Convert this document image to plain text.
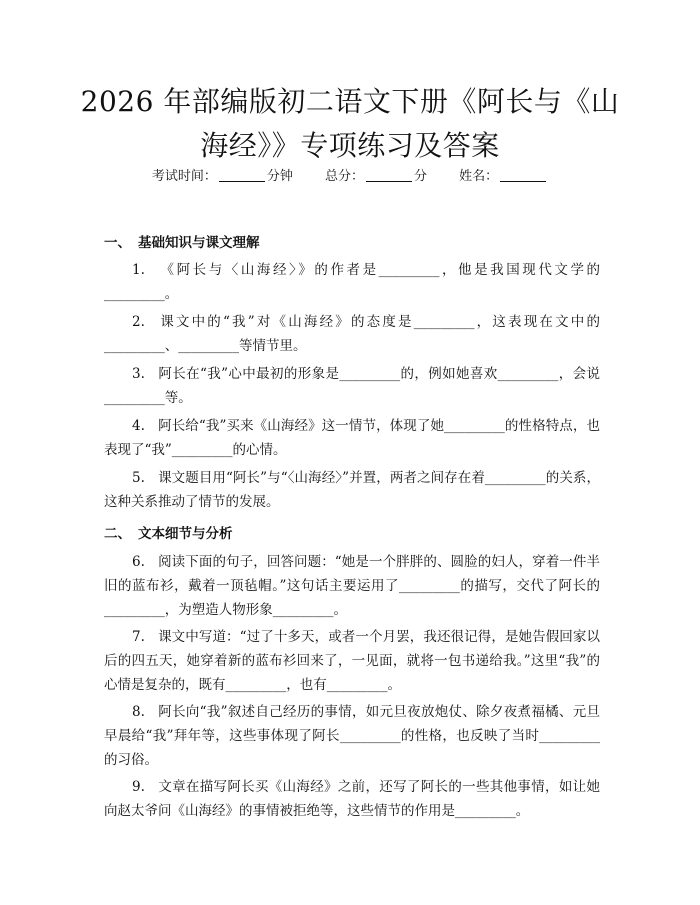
2026 年部编版初二语文下册《阿长与《山海经》》专项练习及答案
考试时间：	分钟 总分：	分 姓名：
一、 基础知识与课文理解
1. 《阿长与〈山海经〉》的作者是_________，他是我国现代文学的_________。
2. 课文中的“我”对《山海经》的态度是_________，这表现在文中的_________、_________等情节里。
3. 阿长在“我”心中最初的形象是_________的，例如她喜欢_________，会说_________等。
4. 阿长给“我”买来《山海经》这一情节，体现了她_________的性格特点，也表现了“我”_________的心情。
5. 课文题目用“阿长”与“〈山海经〉”并置，两者之间存在着_________的关系，这种关系推动了情节的发展。
二、 文本细节与分析
6. 阅读下面的句子，回答问题：“她是一个胖胖的、圆脸的妇人，穿着一件半旧的蓝布衫，戴着一顶毡帽。”这句话主要运用了_________的描写，交代了阿长的_________，为塑造人物形象_________。
7. 课文中写道：“过了十多天，或者一个月罢，我还很记得，是她告假回家以后的四五天，她穿着新的蓝布衫回来了，一见面，就将一包书递给我。”这里“我”的心情是复杂的，既有_________，也有_________。
8. 阿长向“我”叙述自己经历的事情，如元旦夜放炮仗、除夕夜煮福橘、元旦早晨给“我”拜年等，这些事体现了阿长_________的性格，也反映了当时_________的习俗。
9. 文章在描写阿长买《山海经》之前，还写了阿长的一些其他事情，如让她向赵太爷问《山海经》的事情被拒绝等，这些情节的作用是_________。
